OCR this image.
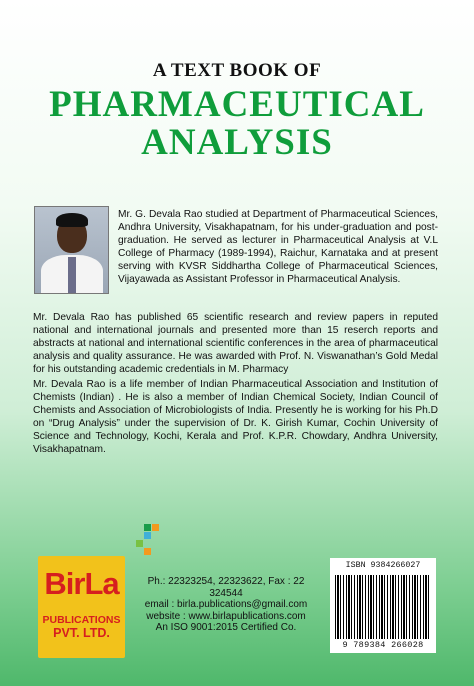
A TEXT BOOK OF
PHARMACEUTICAL
ANALYSIS
Mr. G. Devala Rao studied at Department of Pharmaceutical Sciences, Andhra University, Visakhapatnam, for his under-graduation and post-graduation. He served as lecturer in Pharmaceutical Analysis at V.L College of Pharmacy (1989-1994), Raichur, Karnataka and at present serving with KVSR Siddhartha College of Pharmaceutical Sciences, Vijayawada as Assistant Professor in Pharmaceutical Analysis.
Mr. Devala Rao has published 65 scientific research and review papers in reputed national and international journals and presented more than 15 reserch reports and abstracts at national and international scientific conferences in the area of pharmaceutical analysis and quality assurance. He was awarded with Prof. N. Viswanathan’s Gold Medal for his outstanding academic credentials in M. Pharmacy
Mr. Devala Rao is a life member of Indian Pharmaceutical Association and Institution of Chemists (Indian) . He is also a member of Indian Chemical Society, Indian Council of Chemists and Association of Microbiologists of India. Presently he is working for his Ph.D on “Drug Analysis” under the supervision of Dr. K. Girish Kumar, Cochin University of Science and Technology, Kochi, Kerala and Prof. K.P.R. Chowdary, Andhra University, Visakhapatnam.
BirLa
PUBLICATIONS
PVT. LTD.
Ph.: 22323254, 22323622, Fax : 22 324544
email : birla.publications@gmail.com
website : www.birlapublications.com
An ISO 9001:2015 Certified Co.
ISBN 9384266027
9 789384 266028
